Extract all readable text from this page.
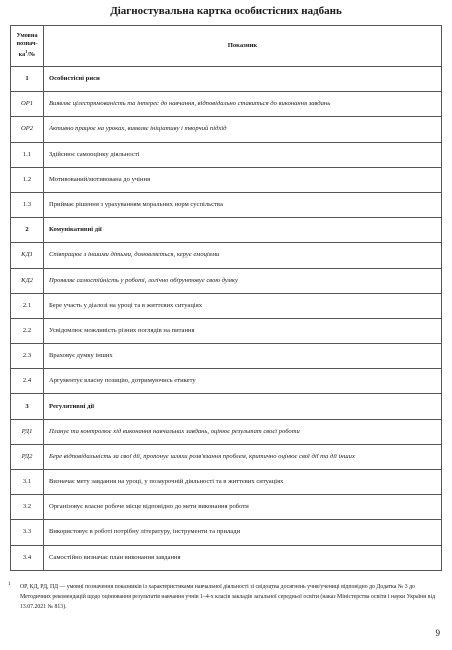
Діагностувальна картка особистісних надбань
Умовна познач-$ка^1/№$	Показник
1	Особистісні риси
ОР1	Виявляє цілеспрямованість та інтерес до навчання, відповідально ставиться до виконання завдань
ОР2	Активно працює на уроках, виявляє ініціативу і творчий підхід
1.1	Здійснює самооцінку діяльності
1.2	Мотивований/мотивована до учіння
1.3	Приймає рішення з урахуванням моральних норм суспільства
2	Комунікативні дії
КД1	Співпрацює з іншими дітьми, домовляється, керує емоціями
КД2	Проявляє самостійність у роботі, логічно обґрунтовує свою думку
2.1	Бере участь у діалозі на уроці та в життєвих ситуаціях
2.2	Усвідомлює можливість різних поглядів на питання
2.3	Враховує думку інших
2.4	Аргументує власну позицію, дотримуючись етикету
3	Регулятивні дії
РД1	Планує та контролює хід виконання навчальних завдань, оцінює результат своєї роботи
РД2	Бере відповідальність за свої дії, пропонує шляхи розв'язання проблем, критично оцінює свої дії та дії інших
3.1	Визначає мету завдання на уроці, у позаурочній діяльності та в життєвих ситуаціях
3.2	Організовує власне робоче місце відповідно до мети виконання роботи
3.3	Використовує в роботі потрібну літературу, інструменти та прилади
3.4	Самостійно визначає план виконання завдання
1	ОР, КД, РД, ПД — умовні позначення показників із характеристиками навчальної діяльності зі свідоцтва досягнень учня/учениці відповідно до Додатка № 3 до Методичних рекомендацій щодо оцінювання результатів навчання учнів 1–4-х класів закладів загальної середньої освіти (наказ Міністерства освіти і науки України від 13.07.2021 № 813).
9
